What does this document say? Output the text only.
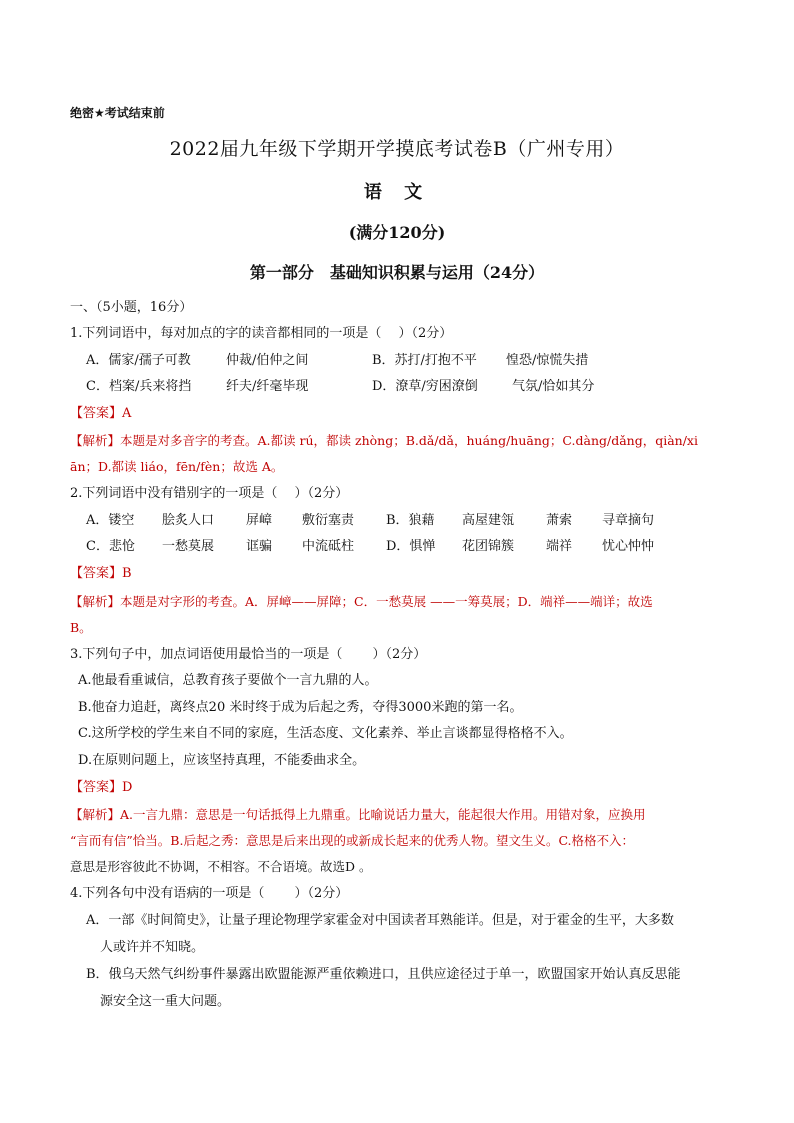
绝密★考试结束前
2022届九年级下学期开学摸底考试卷B（广州专用）
语 文
(满分120分)
第一部分　基础知识积累与运用（24分）
一、（5小题，16分）
1.下列词语中，每对加点的字的读音都相同的一项是（　 ）（2分）
A．儒家/孺子可教	仲裁/伯仲之间	B．苏打/打抱不平 惶恐/惊慌失措
C．档案/兵来将挡	纤夫/纤毫毕现	D．潦草/穷困潦倒	气氛/恰如其分
【答案】A
【解析】本题是对多音字的考查。A.都读 rú，都读 zhòng；B.dǎ/dǎ，huáng/huāng；C.dàng/dǎng，qiàn/xi
ān；D.都读 liáo，fēn/fèn；故选 A。
2.下列词语中没有错别字的一项是（　 ）（2分）
A．镂空 脍炙人口 屏嶂 敷衍塞责 B．狼藉 高屋建瓴 萧索 寻章摘句
C．悲怆 一愁莫展 诓骗 中流砥柱 D．惧惮 花团锦簇 端祥 忧心忡忡
【答案】B
【解析】本题是对字形的考查。A．屏嶂——屏障；C．一愁莫展 ——一筹莫展；D．端祥——端详；故选
B。
3.下列句子中，加点词语使用最恰当的一项是（　　 ）（2分）
A.他最看重诚信，总教育孩子要做个一言九鼎的人。
B.他奋力追赶，离终点20 米时终于成为后起之秀，夺得3000米跑的第一名。
C.这所学校的学生来自不同的家庭，生活态度、文化素养、举止言谈都显得格格不入。
D.在原则问题上，应该坚持真理，不能委曲求全。
【答案】D
【解析】A.一言九鼎：意思是一句话抵得上九鼎重。比喻说话力量大，能起很大作用。用错对象，应换用
“言而有信”恰当。B.后起之秀：意思是后来出现的或新成长起来的优秀人物。望文生义。C.格格不入：
意思是形容彼此不协调，不相容。不合语境。故选D 。
4.下列各句中没有语病的一项是（　　 ）（2分）
A．一部《时间简史》，让量子理论物理学家霍金对中国读者耳熟能详。但是，对于霍金的生平，大多数
人或许并不知晓。
B．俄乌天然气纠纷事件暴露出欧盟能源严重依赖进口，且供应途径过于单一，欧盟国家开始认真反思能
源安全这一重大问题。
